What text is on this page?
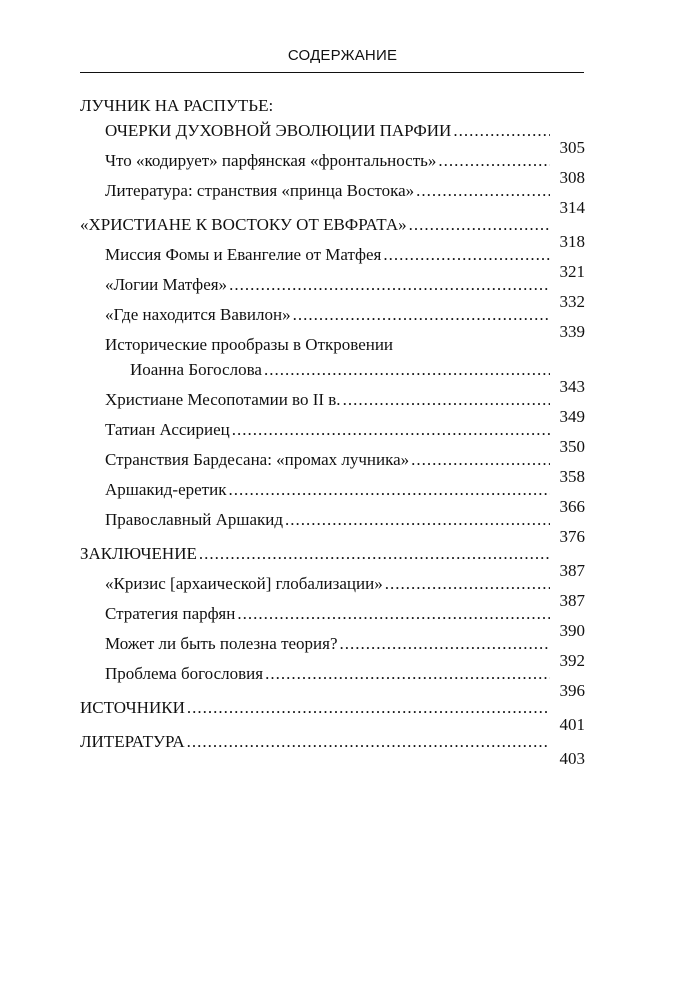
СОДЕРЖАНИЕ
ЛУЧНИК НА РАСПУТЬЕ:
ОЧЕРКИ ДУХОВНОЙ ЭВОЛЮЦИИ ПАРФИИ
.....
305
Что «кодирует» парфянская «фронтальность»
.....
308
Литература: странствия «принца Востока»
.....
314
«ХРИСТИАНЕ К ВОСТОКУ ОТ ЕВФРАТА»
.....
318
Миссия Фомы и Евангелие от Матфея
.....
321
«Логии Матфея»
.....
332
«Где находится Вавилон»
.....
339
Исторические прообразы в Откровении
Иоанна Богослова
.....
343
Христиане Месопотамии во II в.
.....
349
Татиан Ассириец
.....
350
Странствия Бардесана: «промах лучника»
.....
358
Аршакид-еретик
.....
366
Православный Аршакид
.....
376
ЗАКЛЮЧЕНИЕ
.....
387
«Кризис [архаической] глобализации»
.....
387
Стратегия парфян
.....
390
Может ли быть полезна теория?
.....
392
Проблема богословия
.....
396
ИСТОЧНИКИ
.....
401
ЛИТЕРАТУРА
.....
403
